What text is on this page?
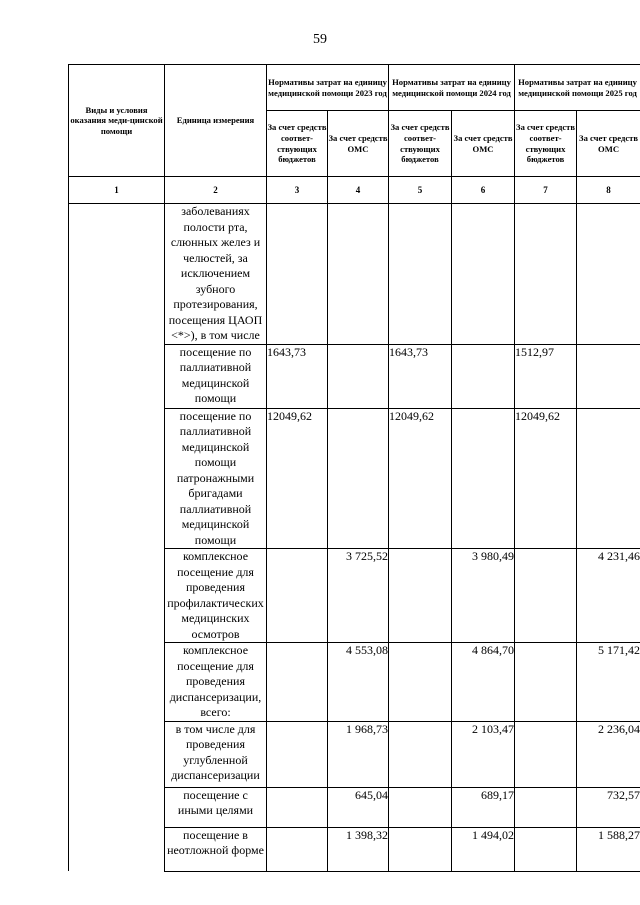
59
Виды и условия оказания меди-цинской помощи	Единица измерения	Нормативы затрат на единицу медицинской помощи 2023 год		Нормативы затрат на единицу медицинской помощи 2024 год		Нормативы затрат на единицу медицинской помощи 2025 год	
		За счет средств соответ-ствующих бюджетов	За счет средств ОМС	За счет средств соответ-ствующих бюджетов	За счет средств ОМС	За счет средств соответ-ствующих бюджетов	За счет средств ОМС
1	2	3	4	5	6	7	8
	заболеваниях полости рта, слюнных желез и челюстей, за исключением зубного протезирования, посещения ЦАОП <*>), в том числе						
	посещение по паллиативной медицинской помощи	1643,73		1643,73		1512,97	
	посещение по паллиативной медицинской помощи патронажными бригадами паллиативной медицинской помощи	12049,62		12049,62		12049,62	
	комплексное посещение для проведения профилактических медицинских осмотров		3 725,52		3 980,49		4 231,46
	комплексное посещение для проведения диспансеризации, всего:		4 553,08		4 864,70		5 171,42
	в том числе для проведения углубленной диспансеризации		1 968,73		2 103,47		2 236,04
	посещение с иными целями		645,04		689,17		732,57
	посещение в неотложной форме		1 398,32		1 494,02		1 588,27
